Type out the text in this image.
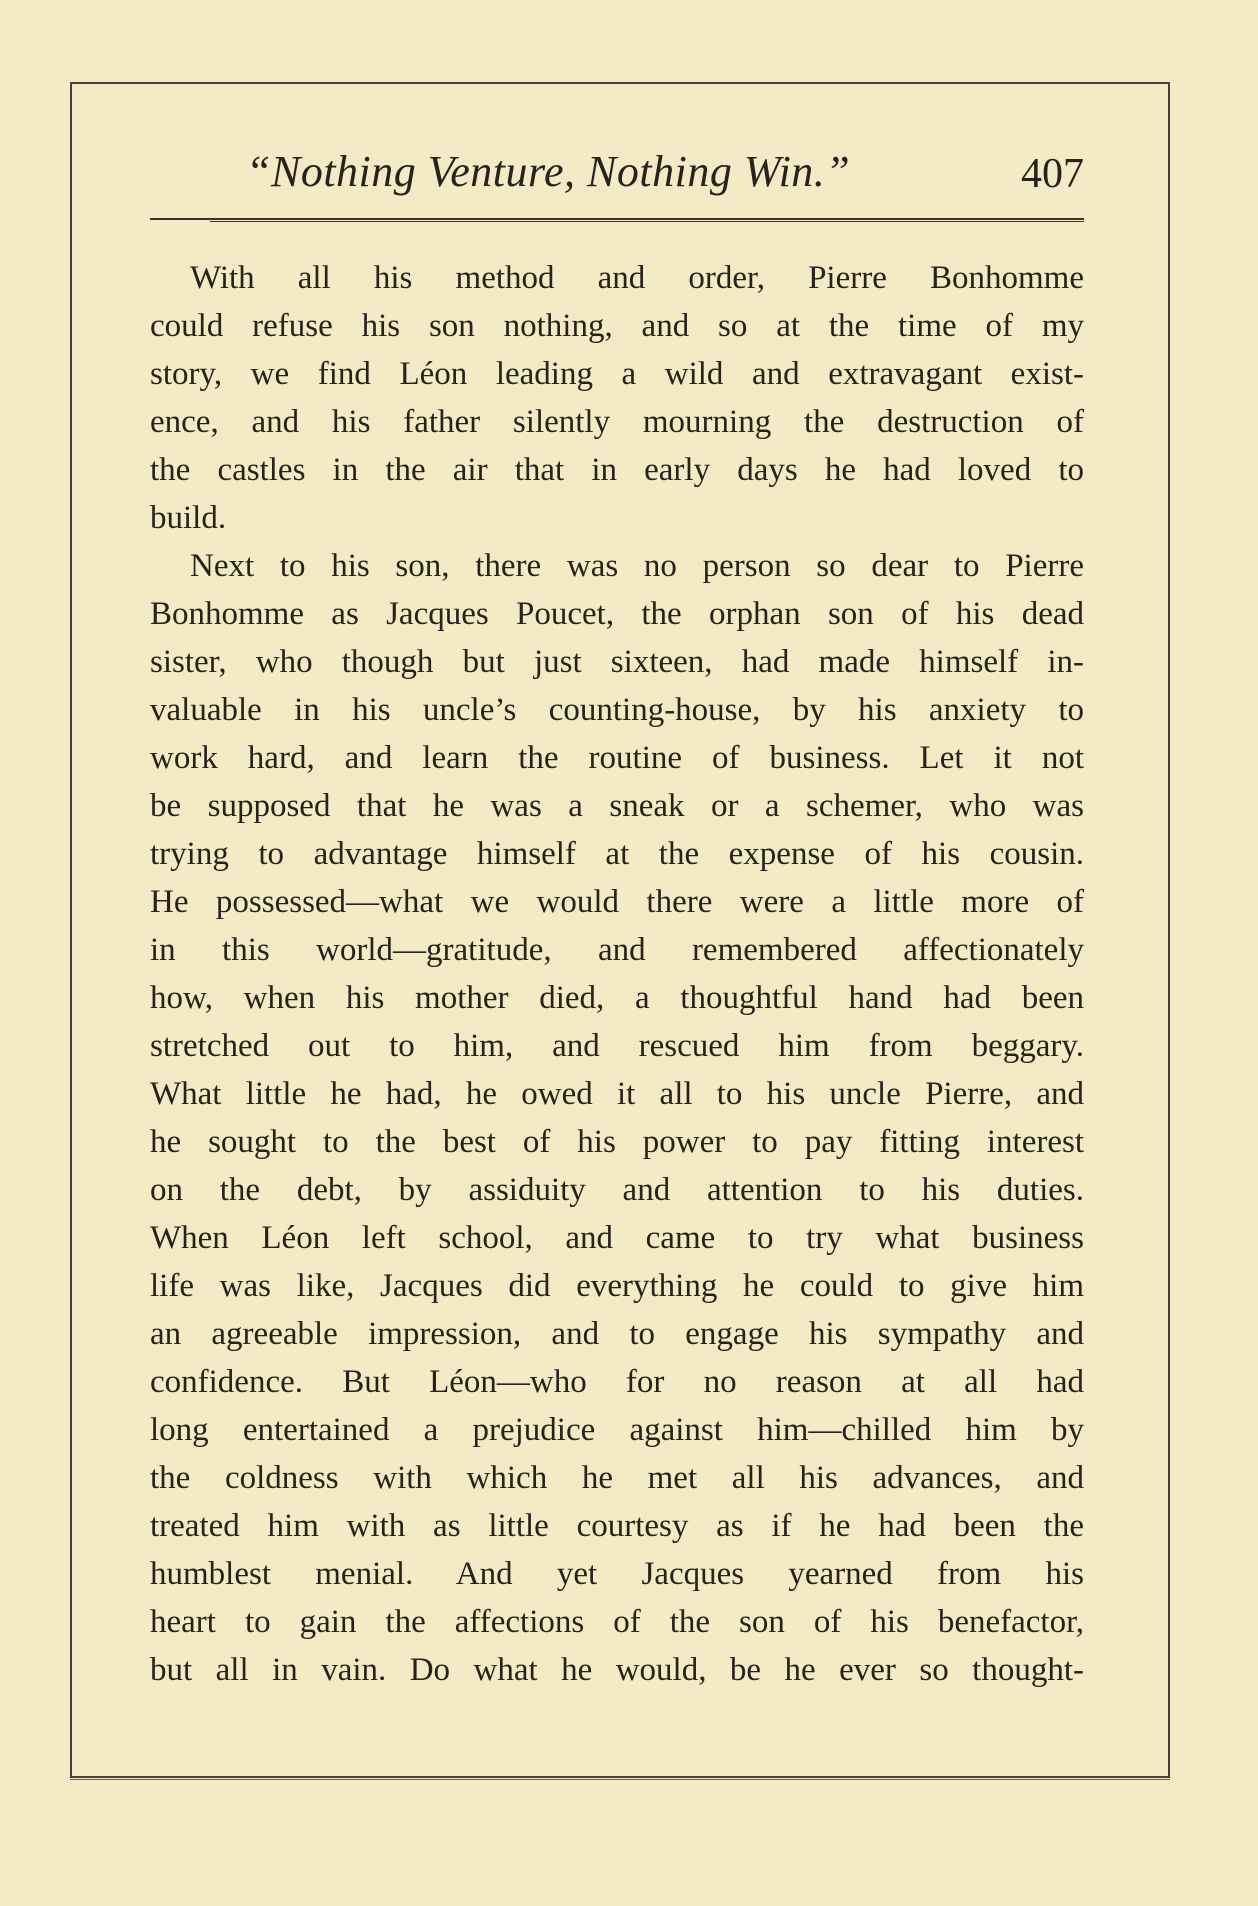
“Nothing Venture, Nothing Win.”	407
With all his method and order, Pierre Bonhomme
could refuse his son nothing, and so at the time of my
story, we find Léon leading a wild and extravagant exist-
ence, and his father silently mourning the destruction of
the castles in the air that in early days he had loved to
build.
Next to his son, there was no person so dear to Pierre
Bonhomme as Jacques Poucet, the orphan son of his dead
sister, who though but just sixteen, had made himself in-
valuable in his uncle’s counting-house, by his anxiety to
work hard, and learn the routine of business. Let it not
be supposed that he was a sneak or a schemer, who was
trying to advantage himself at the expense of his cousin.
He possessed—what we would there were a little more of
in this world—gratitude, and remembered affectionately
how, when his mother died, a thoughtful hand had been
stretched out to him, and rescued him from beggary.
What little he had, he owed it all to his uncle Pierre, and
he sought to the best of his power to pay fitting interest
on the debt, by assiduity and attention to his duties.
When Léon left school, and came to try what business
life was like, Jacques did everything he could to give him
an agreeable impression, and to engage his sympathy and
confidence. But Léon—who for no reason at all had
long entertained a prejudice against him—chilled him by
the coldness with which he met all his advances, and
treated him with as little courtesy as if he had been the
humblest menial. And yet Jacques yearned from his
heart to gain the affections of the son of his benefactor,
but all in vain. Do what he would, be he ever so thought-
